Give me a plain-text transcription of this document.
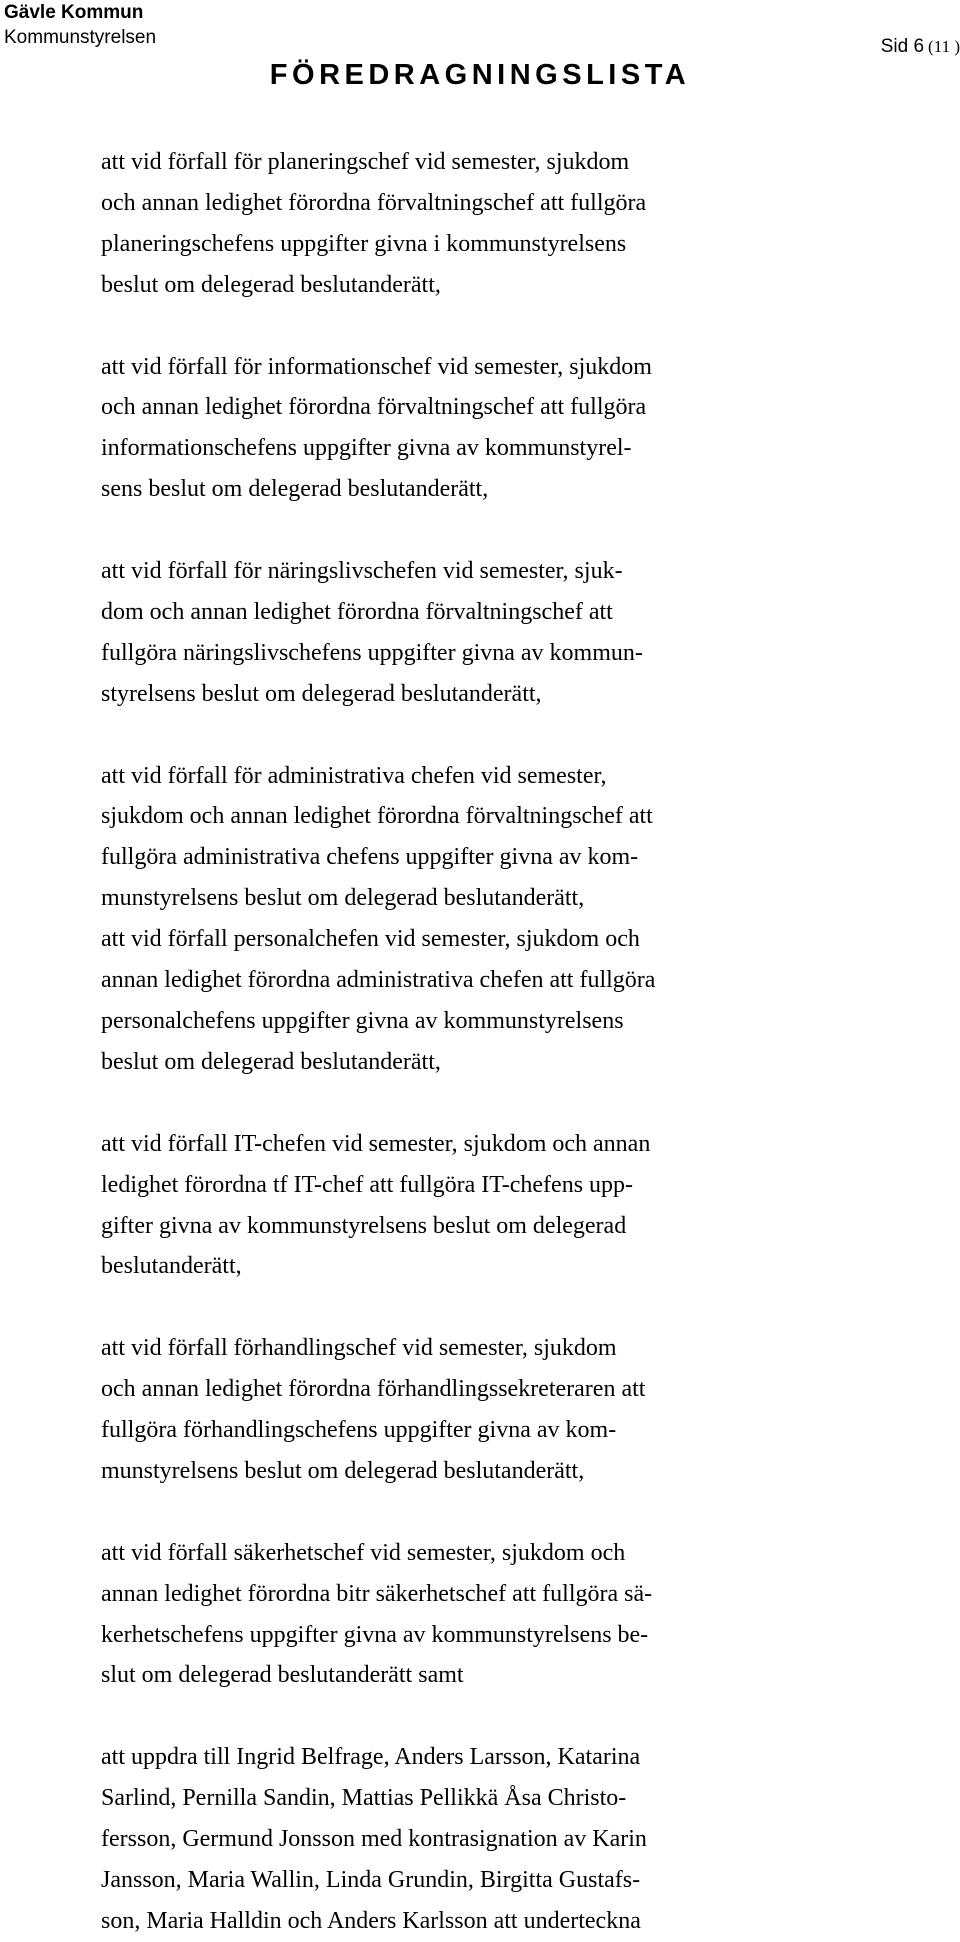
Gävle Kommun
Kommunstyrelsen
FÖREDRAGNINGSLISTA
Sid 6 (11 )
att vid förfall för planeringschef vid semester, sjukdom
och annan ledighet förordna förvaltningschef att fullgöra
planeringschefens uppgifter givna i kommunstyrelsens
beslut om delegerad beslutanderätt,
att vid förfall för informationschef vid semester, sjukdom
och annan ledighet förordna förvaltningschef att fullgöra
informationschefens uppgifter givna av kommunstyrel-
sens beslut om delegerad beslutanderätt,
att vid förfall för näringslivschefen vid semester, sjuk-
dom och annan ledighet förordna förvaltningschef att
fullgöra näringslivschefens uppgifter givna av kommun-
styrelsens beslut om delegerad beslutanderätt,
att vid förfall för administrativa chefen vid semester,
sjukdom och annan ledighet förordna förvaltningschef att
fullgöra administrativa chefens uppgifter givna av kom-
munstyrelsens beslut om delegerad beslutanderätt,
att vid förfall personalchefen vid semester, sjukdom och
annan ledighet förordna administrativa chefen att fullgöra
personalchefens uppgifter givna av kommunstyrelsens
beslut om delegerad beslutanderätt,
att vid förfall IT-chefen vid semester, sjukdom och annan
ledighet förordna tf IT-chef att fullgöra IT-chefens upp-
gifter givna av kommunstyrelsens beslut om delegerad
beslutanderätt,
att vid förfall förhandlingschef vid semester, sjukdom
och annan ledighet förordna förhandlingssekreteraren att
fullgöra förhandlingschefens uppgifter givna av kom-
munstyrelsens beslut om delegerad beslutanderätt,
att vid förfall säkerhetschef vid semester, sjukdom och
annan ledighet förordna bitr säkerhetschef att fullgöra sä-
kerhetschefens uppgifter givna av kommunstyrelsens be-
slut om delegerad beslutanderätt samt
att uppdra till Ingrid Belfrage, Anders Larsson, Katarina
Sarlind, Pernilla Sandin, Mattias Pellikkä Åsa Christo-
fersson, Germund Jonsson med kontrasignation av Karin
Jansson, Maria Wallin, Linda Grundin, Birgitta Gustafs-
son, Maria Halldin och Anders Karlsson att underteckna
